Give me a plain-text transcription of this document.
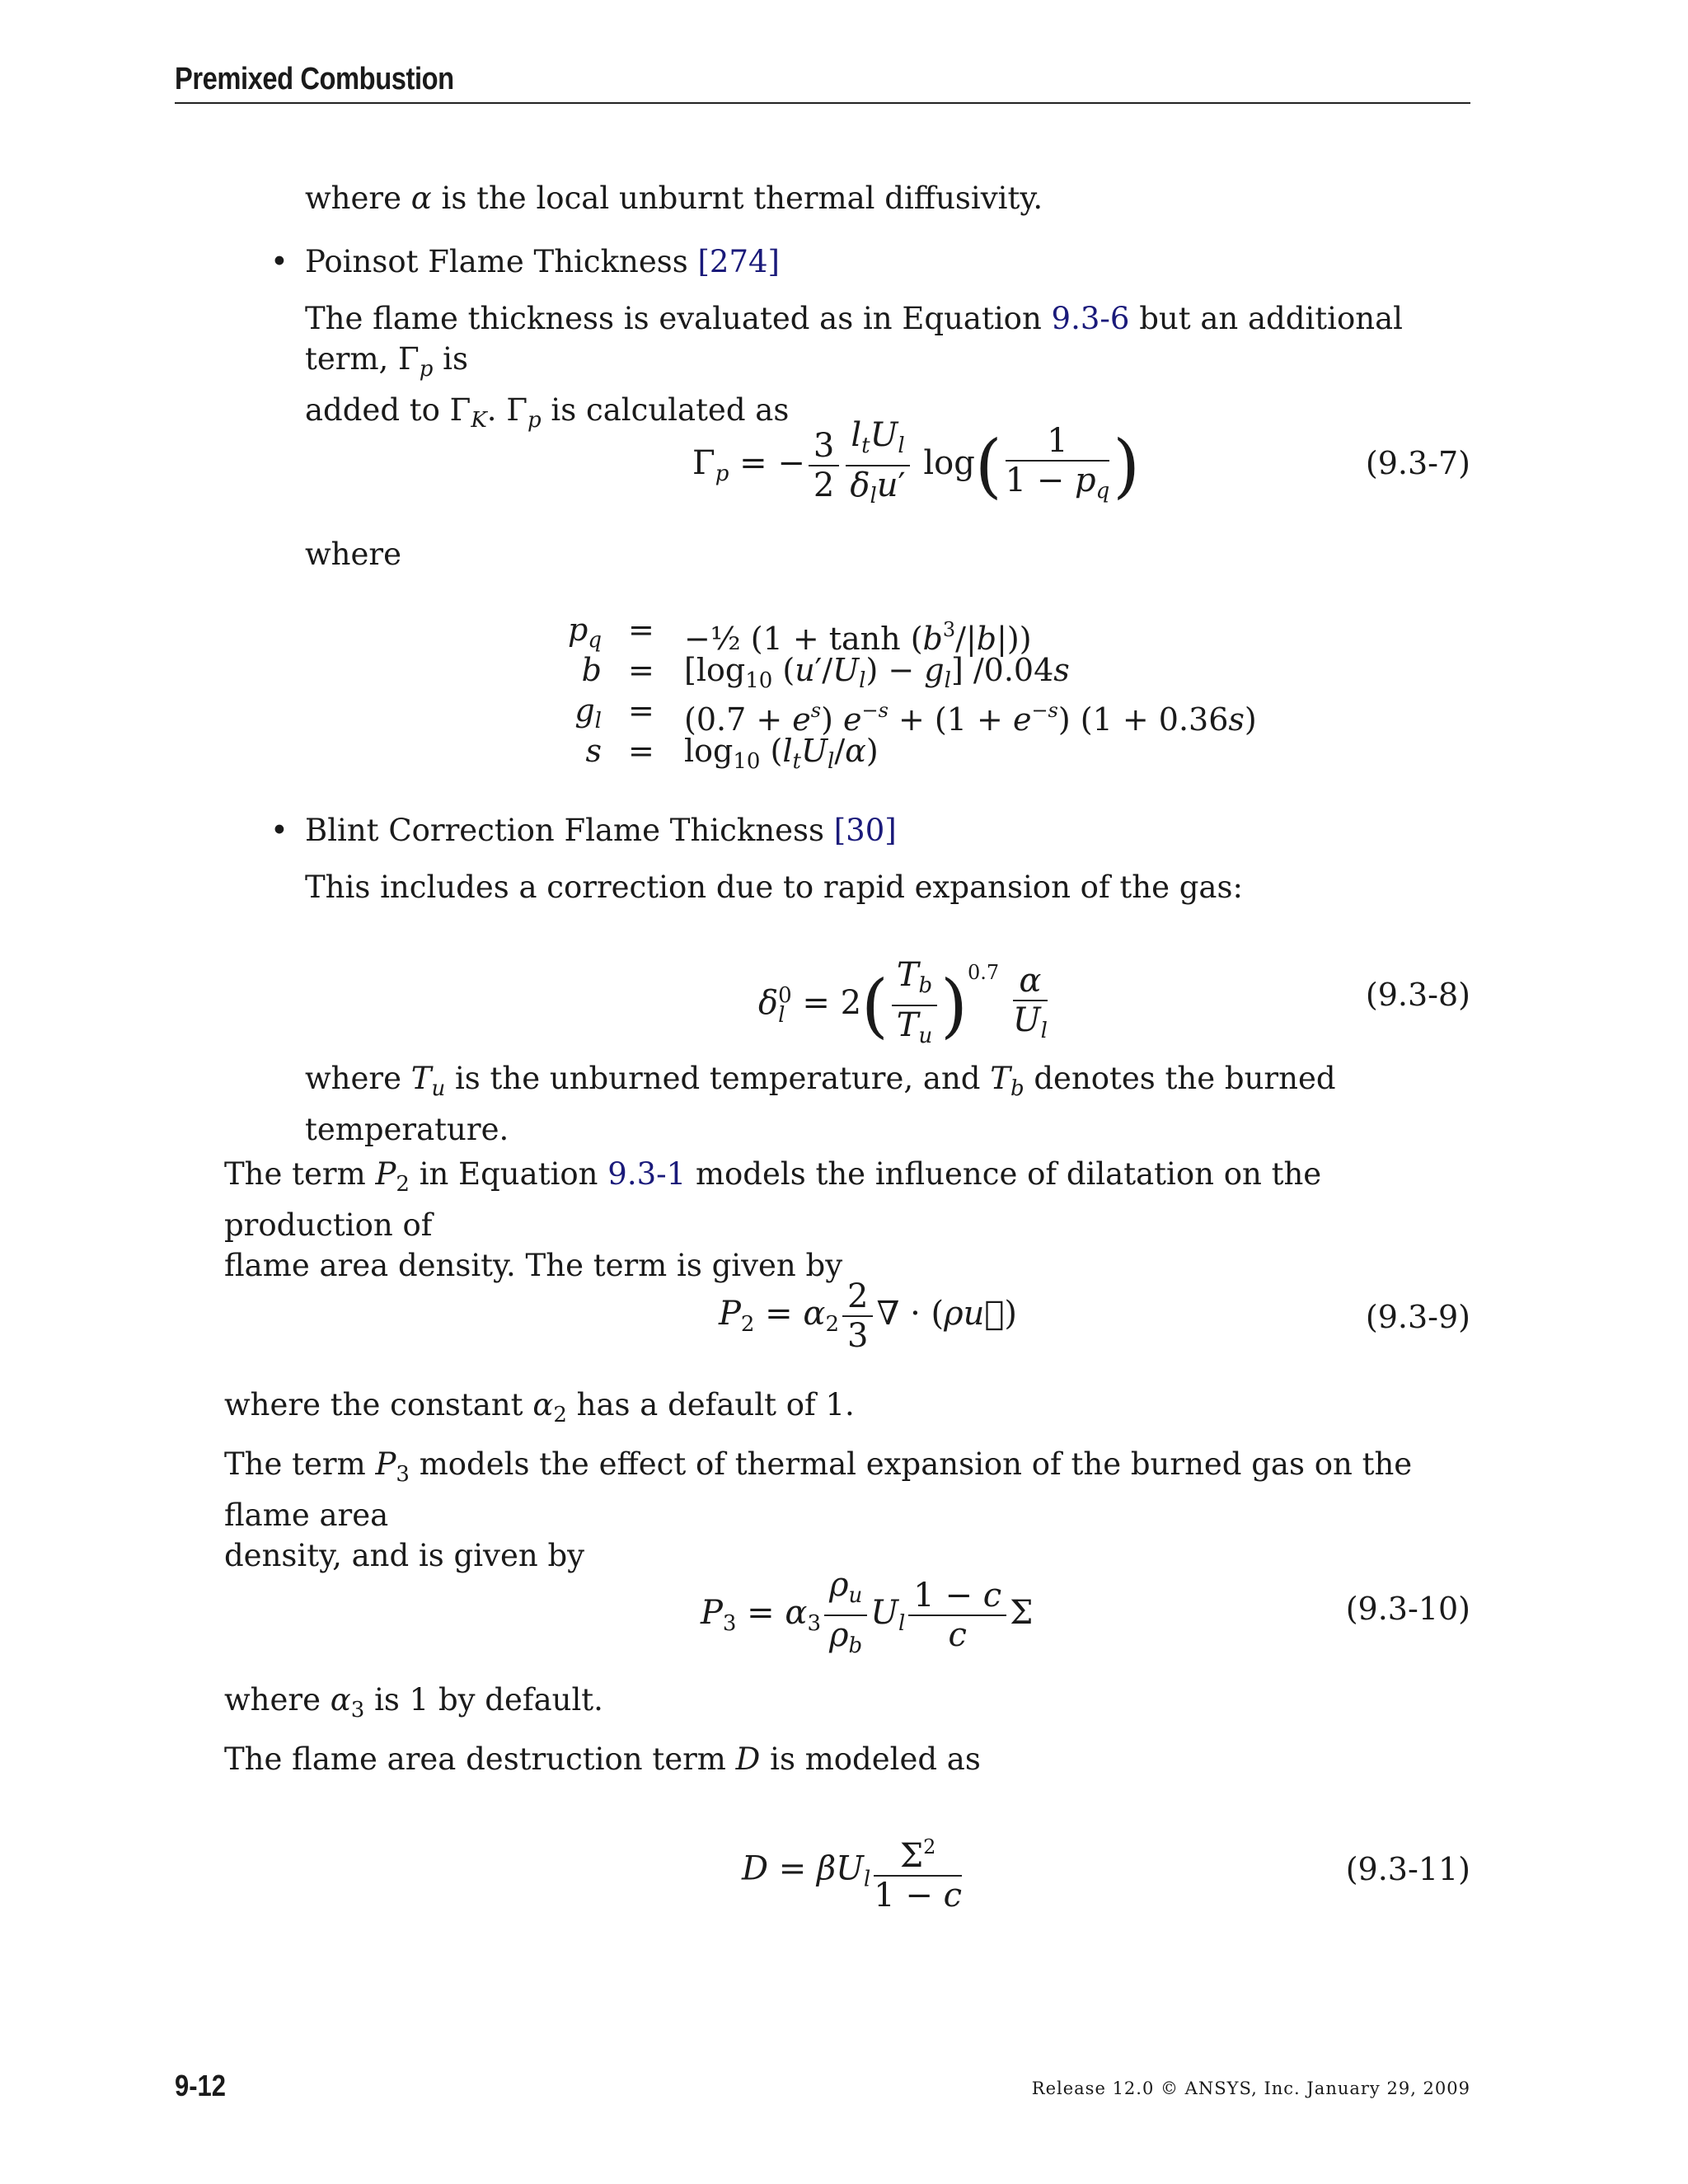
Premixed Combustion
where α is the local unburnt thermal diffusivity.
• Poinsot Flame Thickness [274]
The flame thickness is evaluated as in Equation 9.3-6 but an additional term, $\Gamma_p$ is
added to $\Gamma_K$. $\Gamma_p$ is calculated as
$\Gamma_p$ = − $\frac{3}{2} \frac{l_tU_l}{\delta_lu'} \log( \frac{1}{1 - p_q}$ )	(9.3-7)
where
$p_q$ = −½ $(1 + \tanh (b^3/|b|))$
$b = [\log_{10}$ $(u'/U_l) - g_l$] /0.04s
$g_l = (0.7 + e^s) e^{-s} + (1 + e^{-s}) (1 + 0.36s)$
$s = \log_{10} (l_tU_l/\alpha)$
• Blint Correction Flame Thickness [30]
This includes a correction due to rapid expansion of the gas:
δ0
$l = 2( \frac{T_b}{T_u} )^{0.7} \frac{\alpha}{U_l}$	(9.3-8)
where $T_u$ is the unburned temperature, and $T_b$ denotes the burned temperature.
The term $P_2$ in Equation 9.3-1 models the influence of dilatation on the production of
flame area density. The term is given by
$P_2 = \alpha_2 \frac{2}{3}$ ∇ · (ρu⃗)	(9.3-9)
where the constant $\alpha_2$ has a default of 1.
The term $P_3$ models the effect of thermal expansion of the burned gas on the flame area
density, and is given by
$P_3 = \alpha_3 \frac{\rho_u}{\rho_b} U_l \frac{1 - c}{c}$ Σ	(9.3-10)
where $\alpha_3$ is 1 by default.
The flame area destruction term D is modeled as
$D = \beta U_l \frac{\Sigma^2}{1 - c}$	(9.3-11)
9-12	Release 12.0 © ANSYS, Inc. January 29, 2009
